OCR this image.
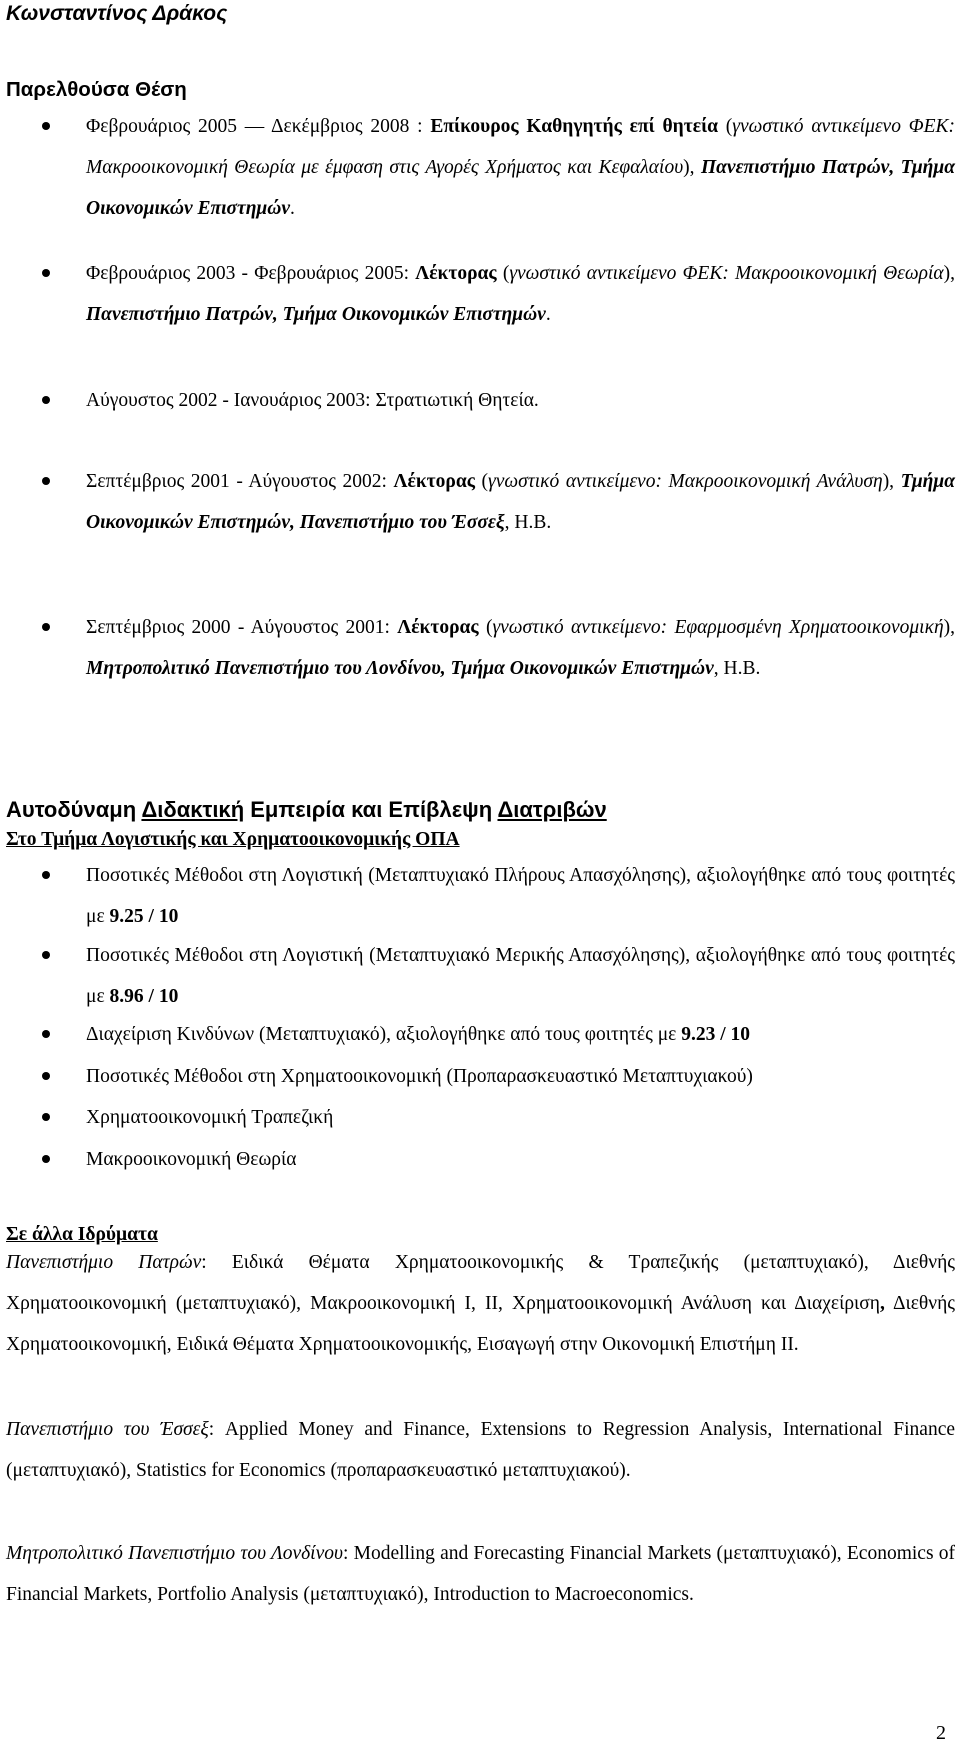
Κωνσταντίνος Δράκος
Παρελθούσα Θέση
Φεβρουάριος 2005 — Δεκέμβριος 2008 : Επίκουρος Καθηγητής επί θητεία (γνωστικό αντικείμενο ΦΕΚ: Μακροοικονομική Θεωρία με έμφαση στις Αγορές Χρήματος και Κεφαλαίου), Πανεπιστήμιο Πατρών, Τμήμα Οικονομικών Επιστημών.
Φεβρουάριος 2003 - Φεβρουάριος 2005: Λέκτορας (γνωστικό αντικείμενο ΦΕΚ: Μακροοικονομική Θεωρία), Πανεπιστήμιο Πατρών, Τμήμα Οικονομικών Επιστημών.
Αύγουστος 2002 - Ιανουάριος 2003: Στρατιωτική Θητεία.
Σεπτέμβριος 2001 - Αύγουστος 2002: Λέκτορας (γνωστικό αντικείμενο: Μακροοικονομική Ανάλυση), Τμήμα Οικονομικών Επιστημών, Πανεπιστήμιο του Έσσεξ, Η.Β.
Σεπτέμβριος 2000 - Αύγουστος 2001: Λέκτορας (γνωστικό αντικείμενο: Εφαρμοσμένη Χρηματοοικονομική), Μητροπολιτικό Πανεπιστήμιο του Λονδίνου, Τμήμα Οικονομικών Επιστημών, Η.Β.
Αυτοδύναμη Διδακτική Εμπειρία και Επίβλεψη Διατριβών
Στο Τμήμα Λογιστικής και Χρηματοοικονομικής ΟΠΑ
Ποσοτικές Μέθοδοι στη Λογιστική (Μεταπτυχιακό Πλήρους Απασχόλησης), αξιολογήθηκε από τους φοιτητές με 9.25 / 10
Ποσοτικές Μέθοδοι στη Λογιστική (Μεταπτυχιακό Μερικής Απασχόλησης), αξιολογήθηκε από τους φοιτητές με 8.96 / 10
Διαχείριση Κινδύνων (Μεταπτυχιακό), αξιολογήθηκε από τους φοιτητές με 9.23 / 10
Ποσοτικές Μέθοδοι στη Χρηματοοικονομική (Προπαρασκευαστικό Μεταπτυχιακού)
Χρηματοοικονομική Τραπεζική
Μακροοικονομική Θεωρία
Σε άλλα Ιδρύματα
Πανεπιστήμιο Πατρών: Ειδικά Θέματα Χρηματοοικονομικής & Τραπεζικής (μεταπτυχιακό), Διεθνής Χρηματοοικονομική (μεταπτυχιακό), Μακροοικονομική Ι, ΙΙ, Χρηματοοικονομική Ανάλυση και Διαχείριση, Διεθνής Χρηματοοικονομική, Ειδικά Θέματα Χρηματοοικονομικής, Εισαγωγή στην Οικονομική Επιστήμη ΙΙ.
Πανεπιστήμιο του Έσσεξ: Applied Money and Finance, Extensions to Regression Analysis, International Finance (μεταπτυχιακό), Statistics for Economics (προπαρασκευαστικό μεταπτυχιακού).
Μητροπολιτικό Πανεπιστήμιο του Λονδίνου: Modelling and Forecasting Financial Markets (μεταπτυχιακό), Economics of Financial Markets, Portfolio Analysis (μεταπτυχιακό), Introduction to Macroeconomics.
2
